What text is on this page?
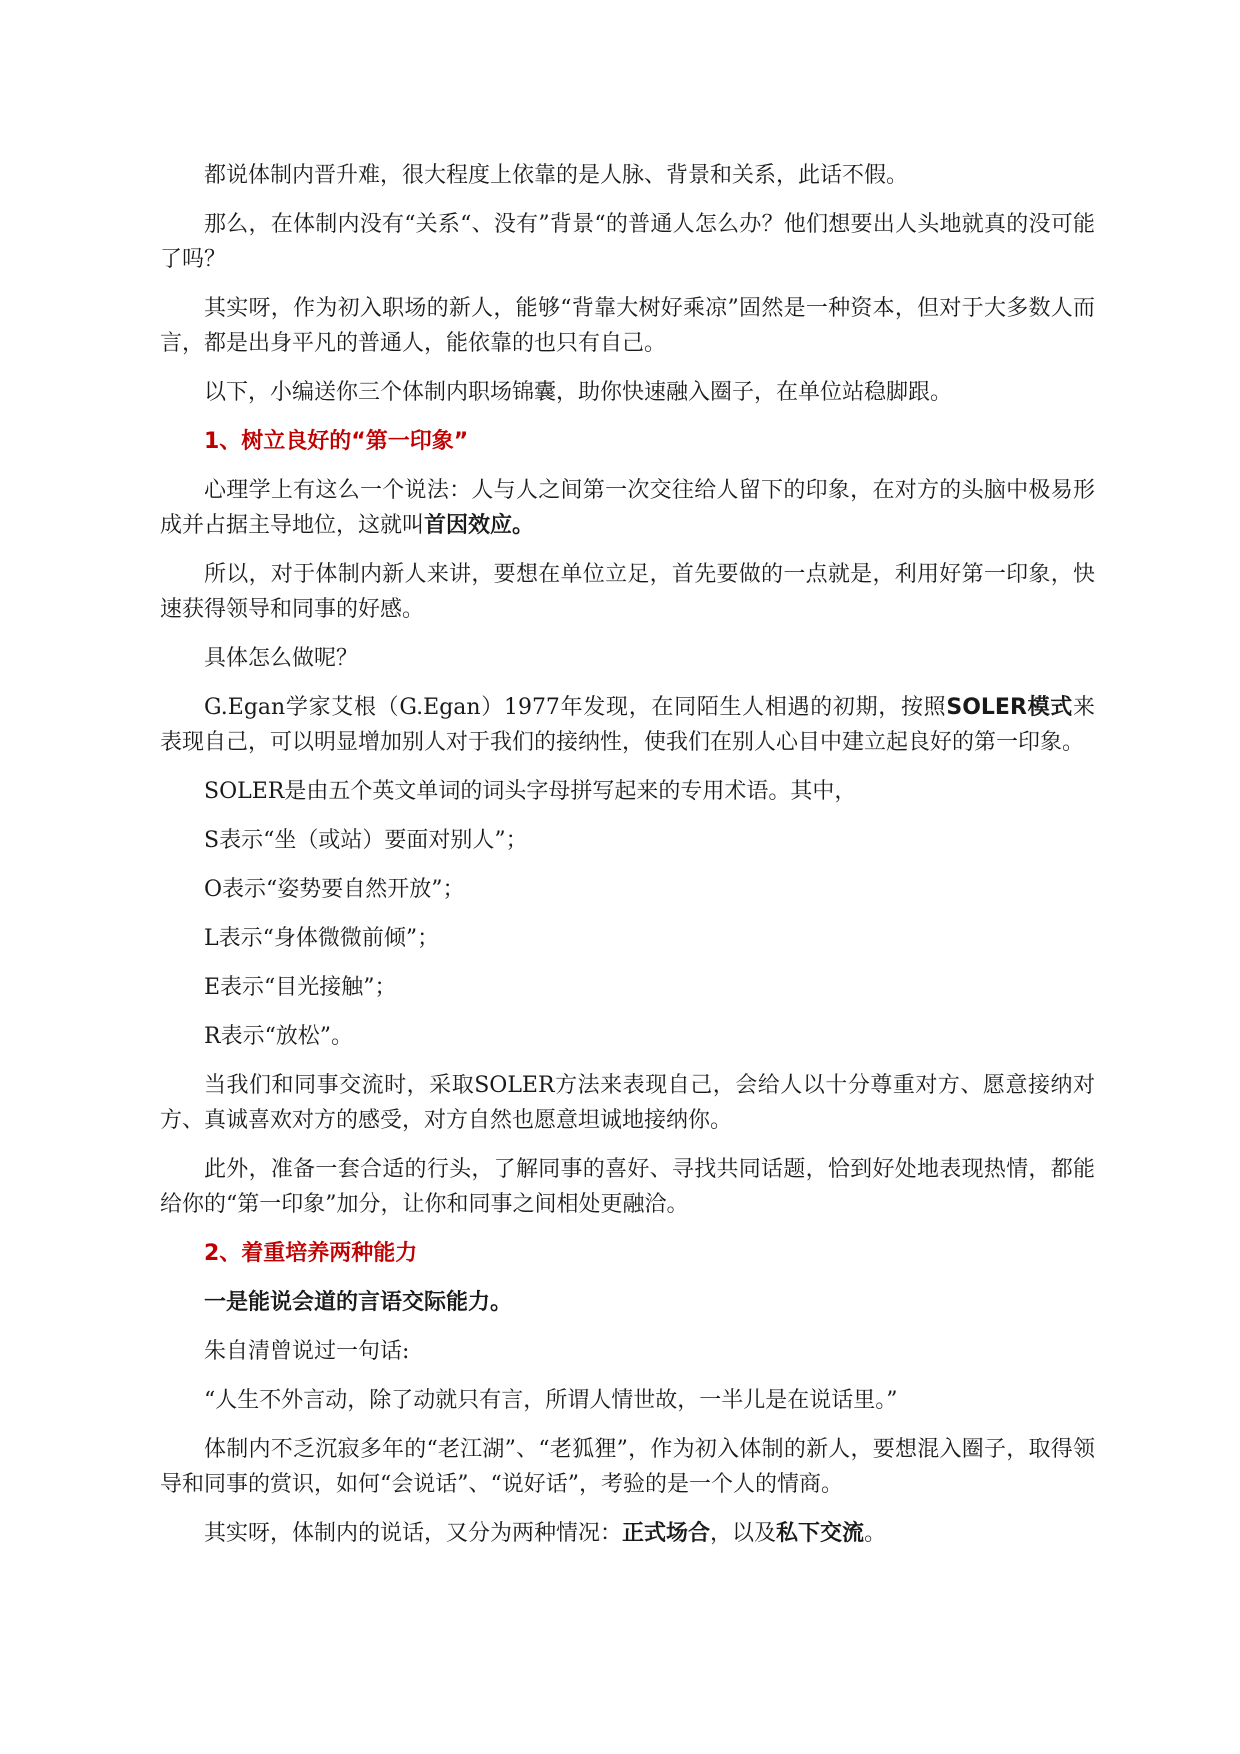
都说体制内晋升难，很大程度上依靠的是人脉、背景和关系，此话不假。

那么，在体制内没有“关系“、没有”背景“的普通人怎么办？他们想要出人头地就真的没可能了吗？

其实呀，作为初入职场的新人，能够“背靠大树好乘凉”固然是一种资本，但对于大多数人而言，都是出身平凡的普通人，能依靠的也只有自己。

以下，小编送你三个体制内职场锦囊，助你快速融入圈子，在单位站稳脚跟。

1、树立良好的“第一印象”

心理学上有这么一个说法：人与人之间第一次交往给人留下的印象，在对方的头脑中极易形成并占据主导地位，这就叫首因效应。

所以，对于体制内新人来讲，要想在单位立足，首先要做的一点就是，利用好第一印象，快速获得领导和同事的好感。

具体怎么做呢？

G.Egan学家艾根（G.Egan）1977年发现，在同陌生人相遇的初期，按照SOLER模式来表现自己，可以明显增加别人对于我们的接纳性，使我们在别人心目中建立起良好的第一印象。

SOLER是由五个英文单词的词头字母拼写起来的专用术语。其中，

S表示“坐（或站）要面对别人”；

O表示“姿势要自然开放”；

L表示“身体微微前倾”；

E表示“目光接触”；

R表示“放松”。

当我们和同事交流时，采取SOLER方法来表现自己，会给人以十分尊重对方、愿意接纳对方、真诚喜欢对方的感受，对方自然也愿意坦诚地接纳你。

此外，准备一套合适的行头，了解同事的喜好、寻找共同话题，恰到好处地表现热情，都能给你的“第一印象”加分，让你和同事之间相处更融洽。

2、着重培养两种能力

一是能说会道的言语交际能力。

朱自清曾说过一句话:

“人生不外言动，除了动就只有言，所谓人情世故，一半儿是在说话里。”

体制内不乏沉寂多年的“老江湖”、“老狐狸”，作为初入体制的新人，要想混入圈子，取得领导和同事的赏识，如何“会说话”、“说好话”，考验的是一个人的情商。

其实呀，体制内的说话，又分为两种情况：正式场合，以及私下交流。
